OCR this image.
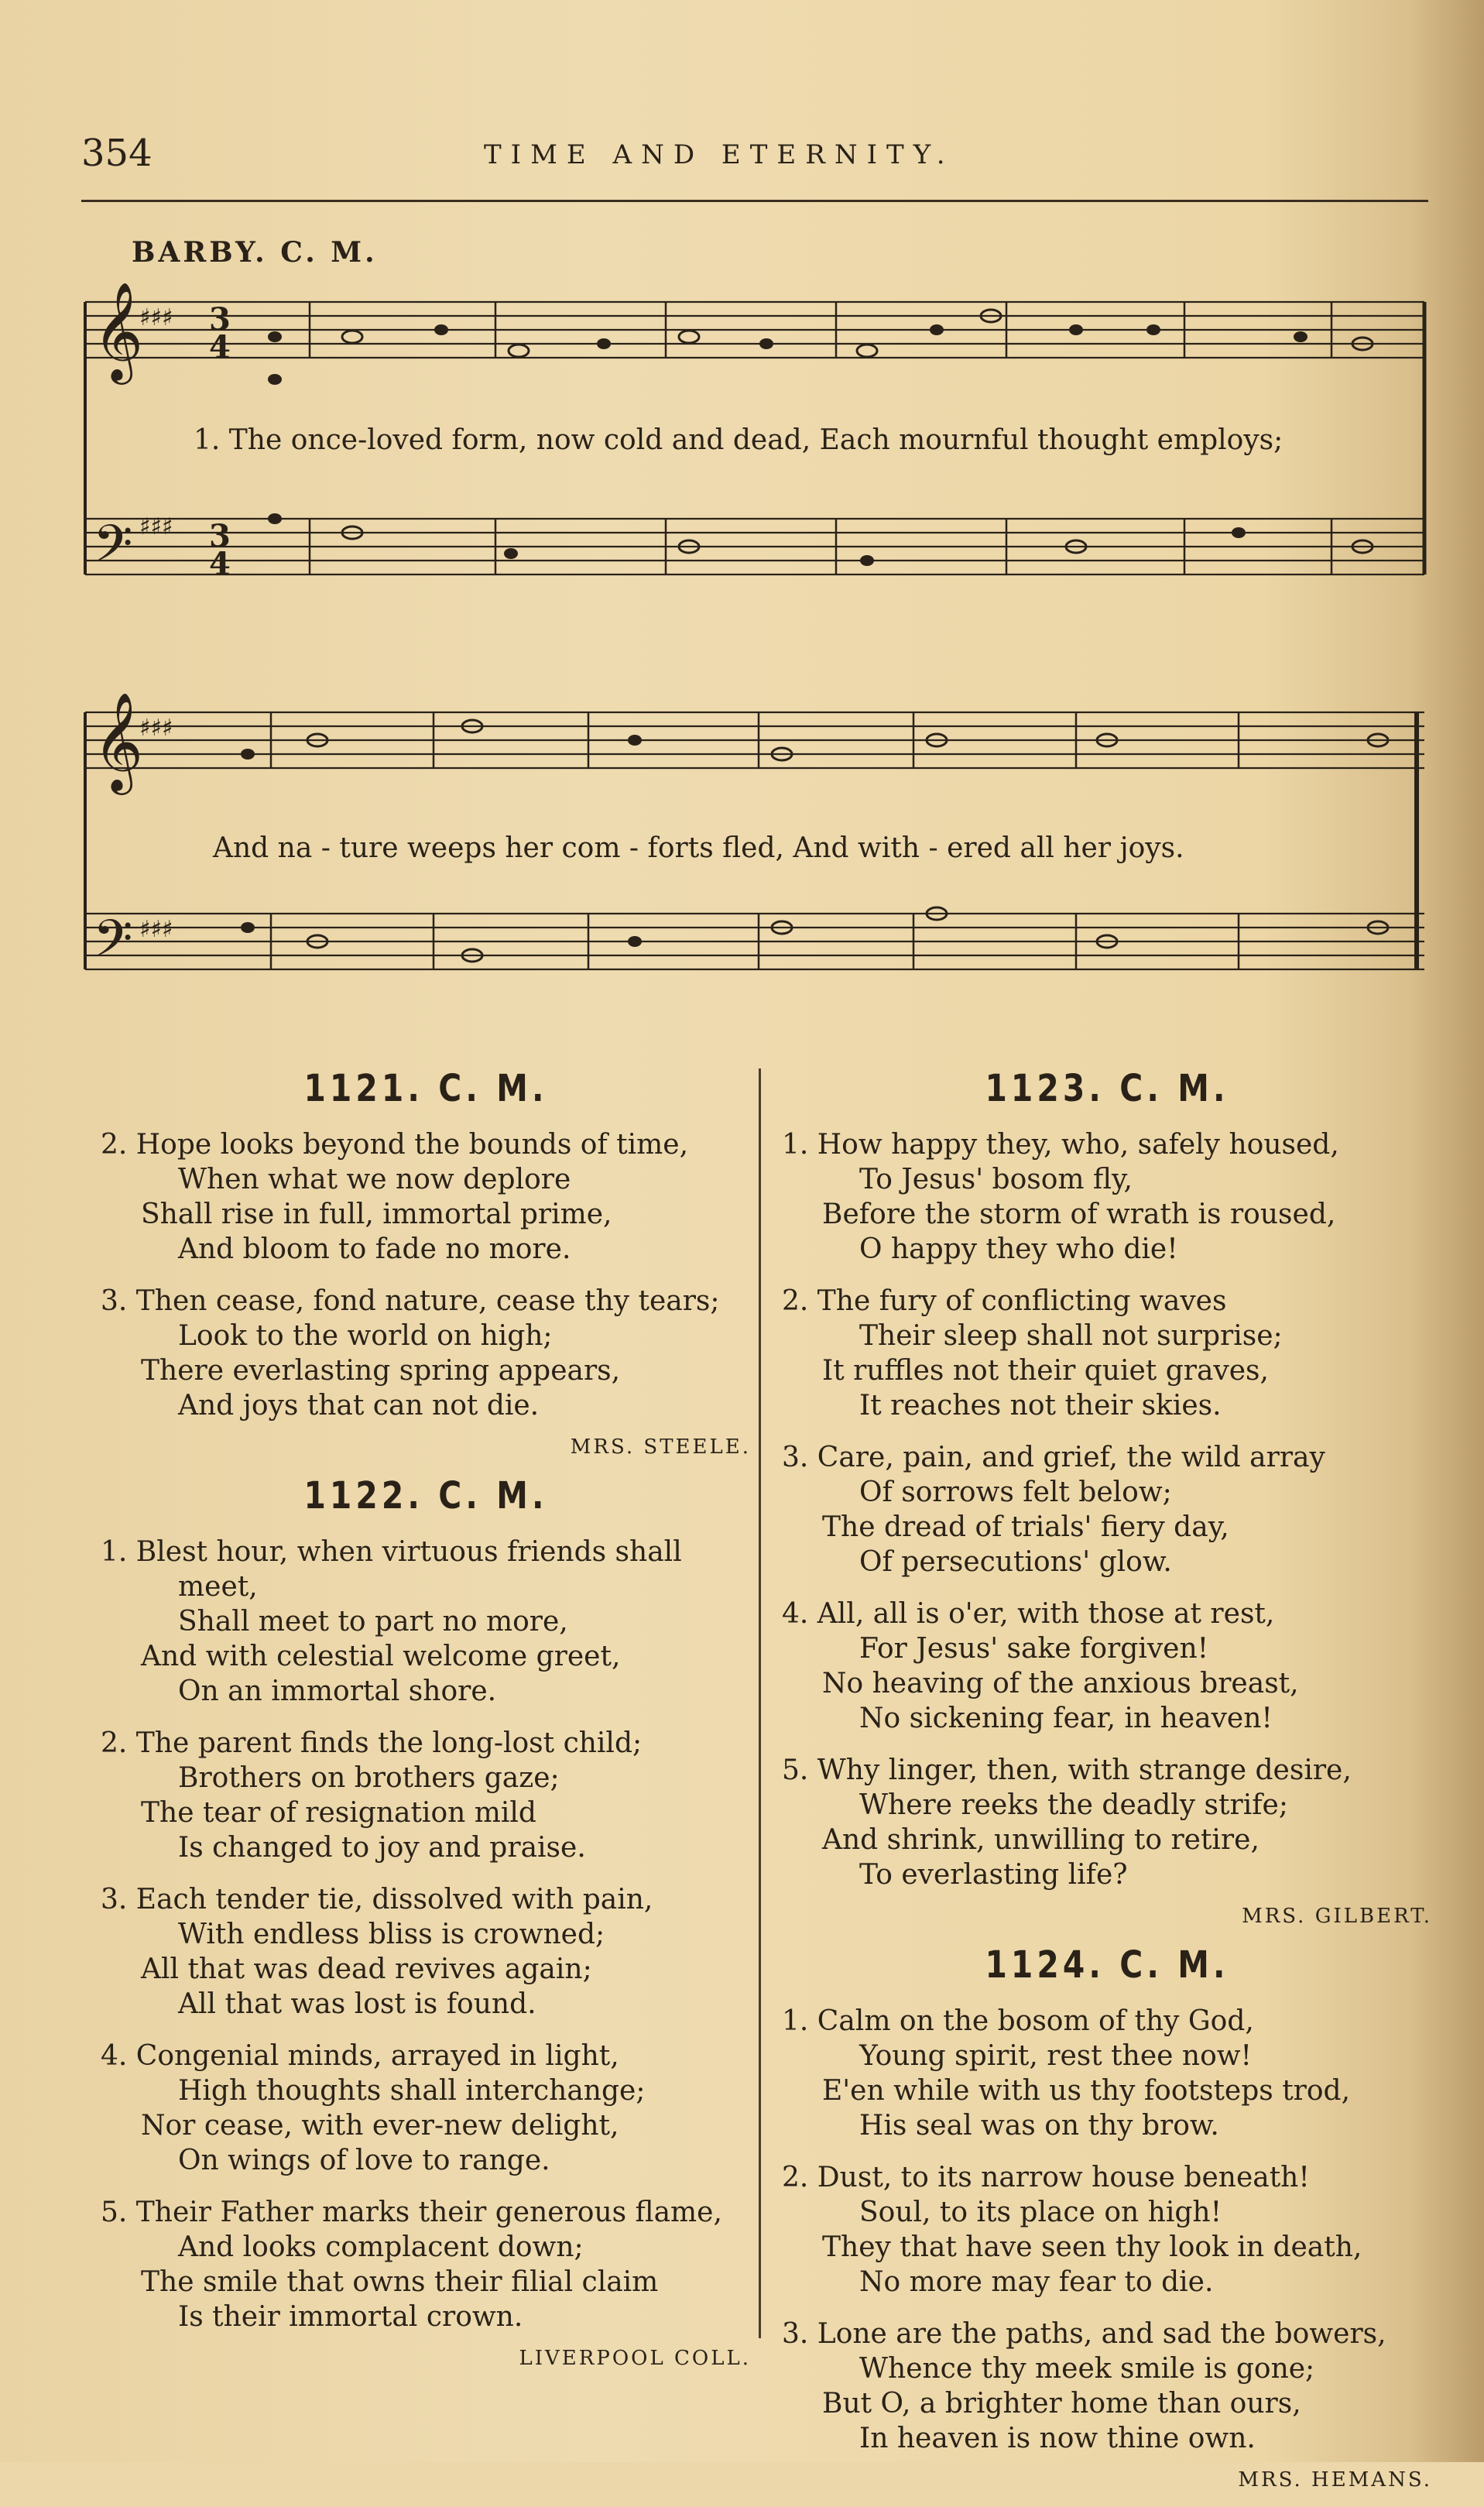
354	TIME AND ETERNITY.
BARBY. C. M.
𝄞
𝄢
𝄞
𝄢
♯♯♯
♯♯♯
♯♯♯
♯♯♯
3
4
3
4
1. The once-loved form, now cold and dead, Each mournful thought employs;
And na - ture weeps her com - forts fled, And with - ered all her joys.
1121. C. M.
2. Hope looks beyond the bounds of time,
When what we now deplore
Shall rise in full, immortal prime,
And bloom to fade no more.
3. Then cease, fond nature, cease thy tears;
Look to the world on high;
There everlasting spring appears,
And joys that can not die.
MRS. STEELE.
1122. C. M.
1. Blest hour, when virtuous friends shall
meet,
Shall meet to part no more,
And with celestial welcome greet,
On an immortal shore.
2. The parent finds the long-lost child;
Brothers on brothers gaze;
The tear of resignation mild
Is changed to joy and praise.
3. Each tender tie, dissolved with pain,
With endless bliss is crowned;
All that was dead revives again;
All that was lost is found.
4. Congenial minds, arrayed in light,
High thoughts shall interchange;
Nor cease, with ever-new delight,
On wings of love to range.
5. Their Father marks their generous flame,
And looks complacent down;
The smile that owns their filial claim
Is their immortal crown.
LIVERPOOL COLL.
1123. C. M.
1. How happy they, who, safely housed,
To Jesus' bosom fly,
Before the storm of wrath is roused,
O happy they who die!
2. The fury of conflicting waves
Their sleep shall not surprise;
It ruffles not their quiet graves,
It reaches not their skies.
3. Care, pain, and grief, the wild array
Of sorrows felt below;
The dread of trials' fiery day,
Of persecutions' glow.
4. All, all is o'er, with those at rest,
For Jesus' sake forgiven!
No heaving of the anxious breast,
No sickening fear, in heaven!
5. Why linger, then, with strange desire,
Where reeks the deadly strife;
And shrink, unwilling to retire,
To everlasting life?
MRS. GILBERT.
1124. C. M.
1. Calm on the bosom of thy God,
Young spirit, rest thee now!
E'en while with us thy footsteps trod,
His seal was on thy brow.
2. Dust, to its narrow house beneath!
Soul, to its place on high!
They that have seen thy look in death,
No more may fear to die.
3. Lone are the paths, and sad the bowers,
Whence thy meek smile is gone;
But O, a brighter home than ours,
In heaven is now thine own.
MRS. HEMANS.
